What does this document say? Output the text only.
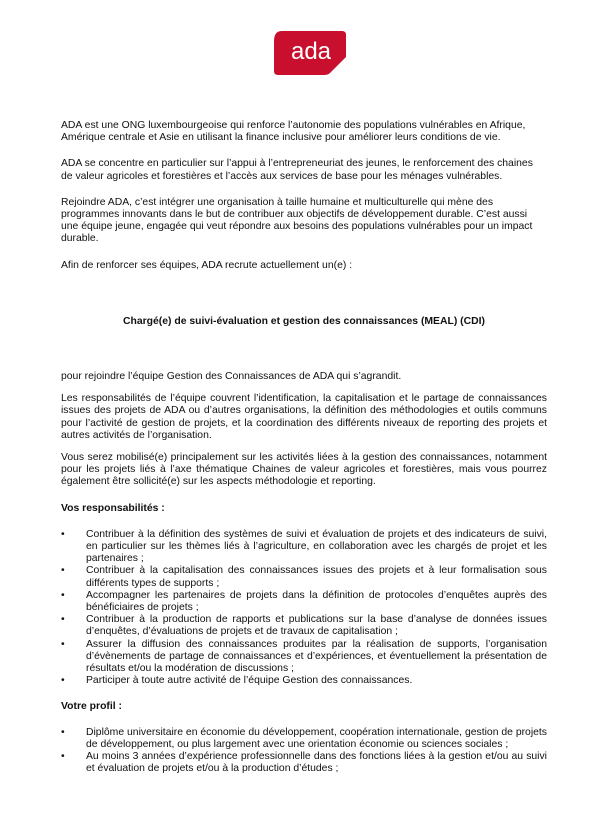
ada

ADA est une ONG luxembourgeoise qui renforce l’autonomie des populations vulnérables en Afrique, Amérique centrale et Asie en utilisant la finance inclusive pour améliorer leurs conditions de vie.

ADA se concentre en particulier sur l’appui à l’entrepreneuriat des jeunes, le renforcement des chaines de valeur agricoles et forestières et l’accès aux services de base pour les ménages vulnérables.

Rejoindre ADA, c’est intégrer une organisation à taille humaine et multiculturelle qui mène des programmes innovants dans le but de contribuer aux objectifs de développement durable. C’est aussi une équipe jeune, engagée qui veut répondre aux besoins des populations vulnérables pour un impact durable.

Afin de renforcer ses équipes, ADA recrute actuellement un(e) :

Chargé(e) de suivi-évaluation et gestion des connaissances (MEAL) (CDI)

pour rejoindre l’équipe Gestion des Connaissances de ADA qui s’agrandit.

Les responsabilités de l’équipe couvrent l’identification, la capitalisation et le partage de connaissances issues des projets de ADA ou d’autres organisations, la définition des méthodologies et outils communs pour l’activité de gestion de projets, et la coordination des différents niveaux de reporting des projets et autres activités de l’organisation.

Vous serez mobilisé(e) principalement sur les activités liées à la gestion des connaissances, notamment pour les projets liés à l’axe thématique Chaines de valeur agricoles et forestières, mais vous pourrez également être sollicité(e) sur les aspects méthodologie et reporting.

Vos responsabilités :

• Contribuer à la définition des systèmes de suivi et évaluation de projets et des indicateurs de suivi, en particulier sur les thèmes liés à l’agriculture, en collaboration avec les chargés de projet et les partenaires ;
• Contribuer à la capitalisation des connaissances issues des projets et à leur formalisation sous différents types de supports ;
• Accompagner les partenaires de projets dans la définition de protocoles d’enquêtes auprès des bénéficiaires de projets ;
• Contribuer à la production de rapports et publications sur la base d’analyse de données issues d’enquêtes, d’évaluations de projets et de travaux de capitalisation ;
• Assurer la diffusion des connaissances produites par la réalisation de supports, l’organisation d’évènements de partage de connaissances et d’expériences, et éventuellement la présentation de résultats et/ou la modération de discussions ;
• Participer à toute autre activité de l’équipe Gestion des connaissances.

Votre profil :

• Diplôme universitaire en économie du développement, coopération internationale, gestion de projets de développement, ou plus largement avec une orientation économie ou sciences sociales ;
• Au moins 3 années d’expérience professionnelle dans des fonctions liées à la gestion et/ou au suivi et évaluation de projets et/ou à la production d’études ;
